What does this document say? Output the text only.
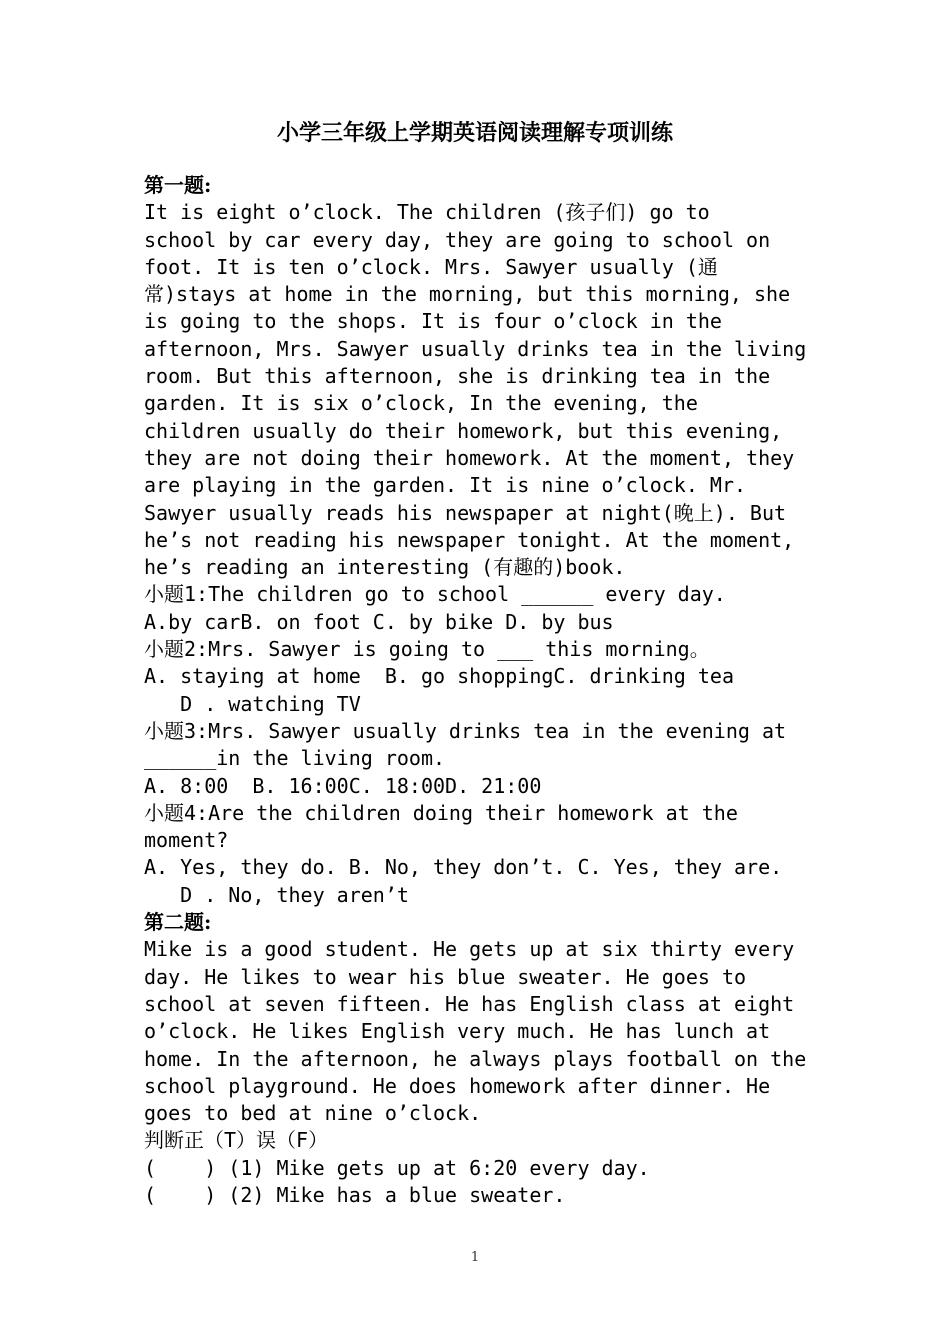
小学三年级上学期英语阅读理解专项训练
第一题:
It is eight o’clock. The children (孩子们) go to
school by car every day, they are going to school on
foot. It is ten o’clock. Mrs. Sawyer usually (通
常)stays at home in the morning, but this morning, she
is going to the shops. It is four o’clock in the
afternoon, Mrs. Sawyer usually drinks tea in the living
room. But this afternoon, she is drinking tea in the
garden. It is six o’clock, In the evening, the
children usually do their homework, but this evening,
they are not doing their homework. At the moment, they
are playing in the garden. It is nine o’clock. Mr.
Sawyer usually reads his newspaper at night(晚上). But
he’s not reading his newspaper tonight. At the moment,
he’s reading an interesting (有趣的)book.
小题1:The children go to school ______ every day.
A.by carB. on foot C. by bike D. by bus
小题2:Mrs. Sawyer is going to ___ this morning。
A. staying at home  B. go shoppingC. drinking tea
D . watching TV
小题3:Mrs. Sawyer usually drinks tea in the evening at
______in the living room.
A. 8:00  B. 16:00C. 18:00D. 21:00
小题4:Are the children doing their homework at the
moment?
A. Yes, they do. B. No, they don’t. C. Yes, they are.
D . No, they aren’t
第二题:
Mike is a good student. He gets up at six thirty every
day. He likes to wear his blue sweater. He goes to
school at seven fifteen. He has English class at eight
o’clock. He likes English very much. He has lunch at
home. In the afternoon, he always plays football on the
school playground. He does homework after dinner. He
goes to bed at nine o’clock.
判断正（T）误（F）
(    ) (1) Mike gets up at 6:20 every day.
(    ) (2) Mike has a blue sweater.
1
